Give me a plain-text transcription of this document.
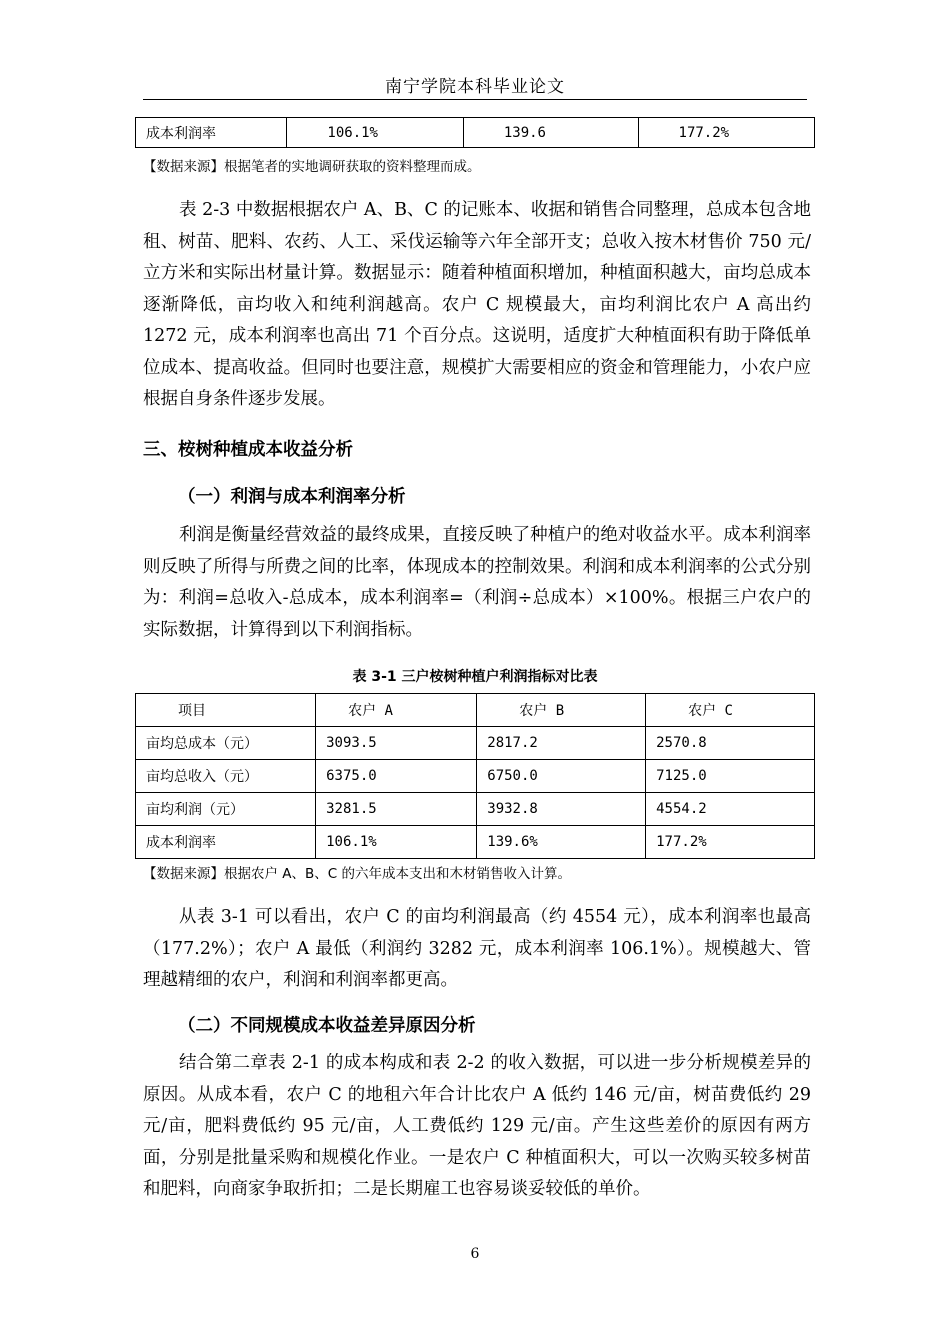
南宁学院本科毕业论文
成本利润率	106.1%	139.6	177.2%
【数据来源】根据笔者的实地调研获取的资料整理而成。

表 2-3 中数据根据农户 A、B、C 的记账本、收据和销售合同整理，总成本包含地租、树苗、肥料、农药、人工、采伐运输等六年全部开支；总收入按木材售价 750 元/立方米和实际出材量计算。数据显示：随着种植面积增加，种植面积越大，亩均总成本逐渐降低，亩均收入和纯利润越高。农户 C 规模最大，亩均利润比农户 A 高出约 1272 元，成本利润率也高出 71 个百分点。这说明，适度扩大种植面积有助于降低单位成本、提高收益。但同时也要注意，规模扩大需要相应的资金和管理能力，小农户应根据自身条件逐步发展。

三、桉树种植成本收益分析
（一）利润与成本利润率分析

利润是衡量经营效益的最终成果，直接反映了种植户的绝对收益水平。成本利润率则反映了所得与所费之间的比率，体现成本的控制效果。利润和成本利润率的公式分别为：利润=总收入-总成本，成本利润率=（利润÷总成本）×100%。根据三户农户的实际数据，计算得到以下利润指标。

表 3-1 三户桉树种植户利润指标对比表
项目	农户 A	农户 B	农户 C
亩均总成本（元）	3093.5	2817.2	2570.8
亩均总收入（元）	6375.0	6750.0	7125.0
亩均利润（元）	3281.5	3932.8	4554.2
成本利润率	106.1%	139.6%	177.2%
【数据来源】根据农户 A、B、C 的六年成本支出和木材销售收入计算。

从表 3-1 可以看出，农户 C 的亩均利润最高（约 4554 元），成本利润率也最高（177.2%）；农户 A 最低（利润约 3282 元，成本利润率 106.1%）。规模越大、管理越精细的农户，利润和利润率都更高。

（二）不同规模成本收益差异原因分析

结合第二章表 2-1 的成本构成和表 2-2 的收入数据，可以进一步分析规模差异的原因。从成本看，农户 C 的地租六年合计比农户 A 低约 146 元/亩，树苗费低约 29 元/亩，肥料费低约 95 元/亩，人工费低约 129 元/亩。产生这些差价的原因有两方面，分别是批量采购和规模化作业。一是农户 C 种植面积大，可以一次购买较多树苗和肥料，向商家争取折扣；二是长期雇工也容易谈妥较低的单价。

6
